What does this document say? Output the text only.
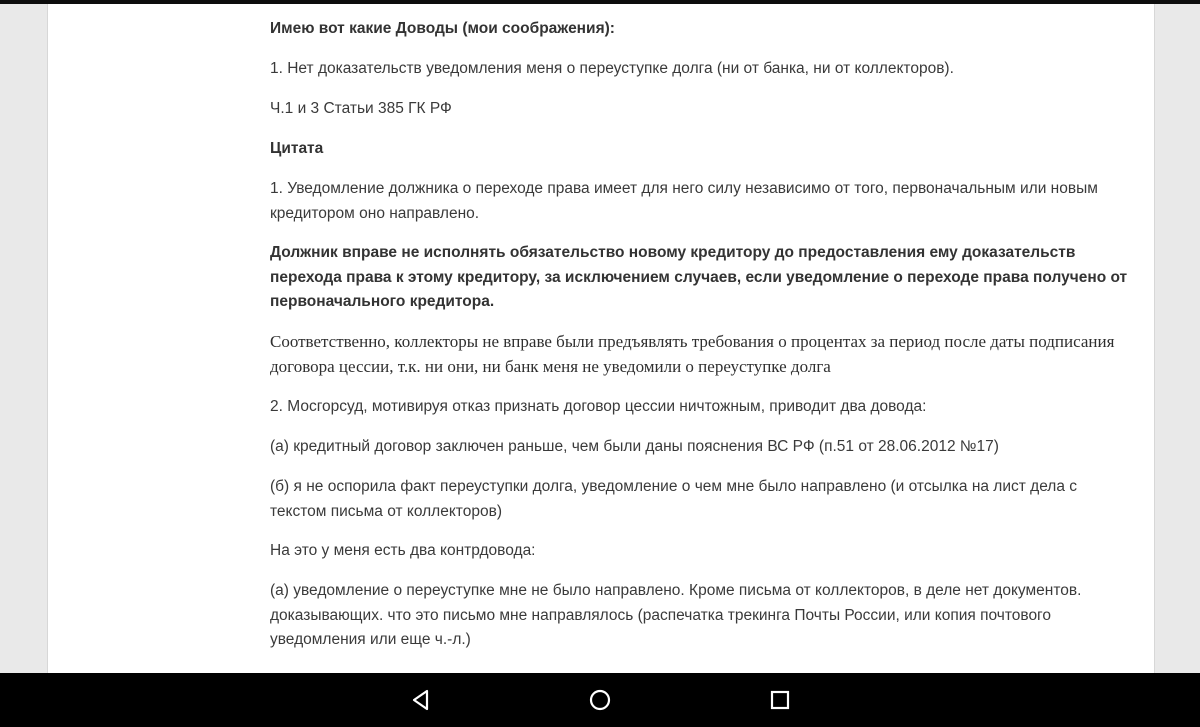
Имею вот какие Доводы (мои соображения):

1. Нет доказательств уведомления меня о переуступке долга (ни от банка, ни от коллекторов).

Ч.1 и 3 Статьи 385 ГК РФ

Цитата

1. Уведомление должника о переходе права имеет для него силу независимо от того, первоначальным или новым кредитором оно направлено.

Должник вправе не исполнять обязательство новому кредитору до предоставления ему доказательств перехода права к этому кредитору, за исключением случаев, если уведомление о переходе права получено от первоначального кредитора.

Соответственно, коллекторы не вправе были предъявлять требования о процентах за период после даты подписания договора цессии, т.к. ни они, ни банк меня не уведомили о переуступке долга

2. Мосгорсуд, мотивируя отказ признать договор цессии ничтожным, приводит два довода:

(а) кредитный договор заключен раньше, чем были даны пояснения ВС РФ (п.51 от 28.06.2012 №17)

(б) я не оспорила факт переуступки долга, уведомление о чем мне было направлено (и отсылка на лист дела с текстом письма от коллекторов)

На это у меня есть два контрдовода:

(а) уведомление о переуступке мне не было направлено. Кроме письма от коллекторов, в деле нет документов. доказывающих. что это письмо мне направлялось (распечатка трекинга Почты России, или копия почтового уведомления или еще ч.-л.)
